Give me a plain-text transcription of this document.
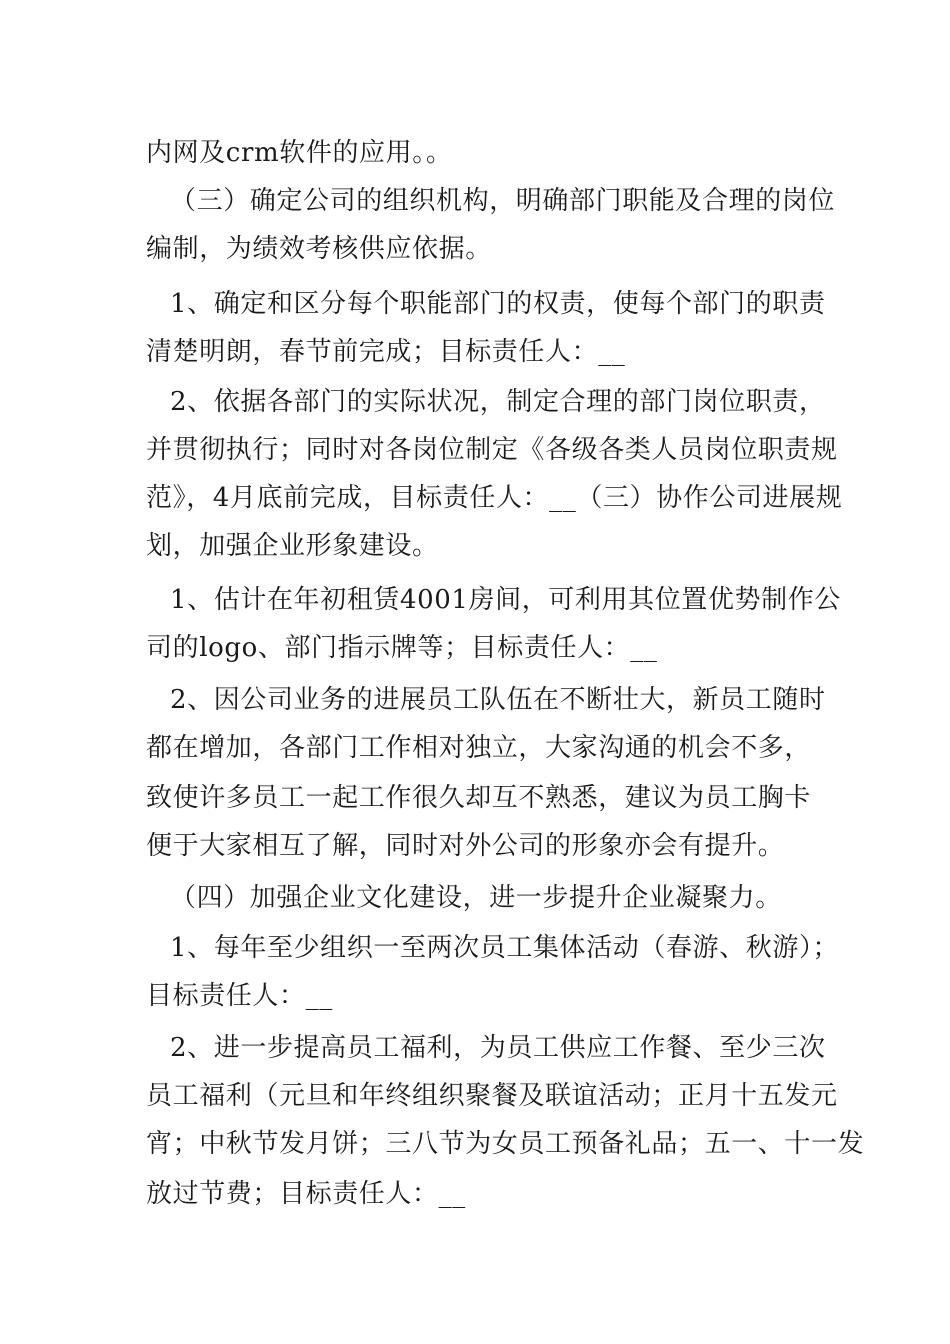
内网及crm软件的应用。。
（三）确定公司的组织机构，明确部门职能及合理的岗位
编制，为绩效考核供应依据。
1、确定和区分每个职能部门的权责，使每个部门的职责
清楚明朗，春节前完成；目标责任人：__
2、依据各部门的实际状况，制定合理的部门岗位职责，
并贯彻执行；同时对各岗位制定《各级各类人员岗位职责规
范》，4月底前完成，目标责任人：__（三）协作公司进展规
划，加强企业形象建设。
1、估计在年初租赁4001房间，可利用其位置优势制作公
司的logo、部门指示牌等；目标责任人：__
2、因公司业务的进展员工队伍在不断壮大，新员工随时
都在增加，各部门工作相对独立，大家沟通的机会不多，
致使许多员工一起工作很久却互不熟悉，建议为员工胸卡
便于大家相互了解，同时对外公司的形象亦会有提升。
（四）加强企业文化建设，进一步提升企业凝聚力。
1、每年至少组织一至两次员工集体活动（春游、秋游）；
目标责任人：__
2、进一步提高员工福利，为员工供应工作餐、至少三次
员工福利（元旦和年终组织聚餐及联谊活动；正月十五发元
宵；中秋节发月饼；三八节为女员工预备礼品；五一、十一发
放过节费；目标责任人：__
